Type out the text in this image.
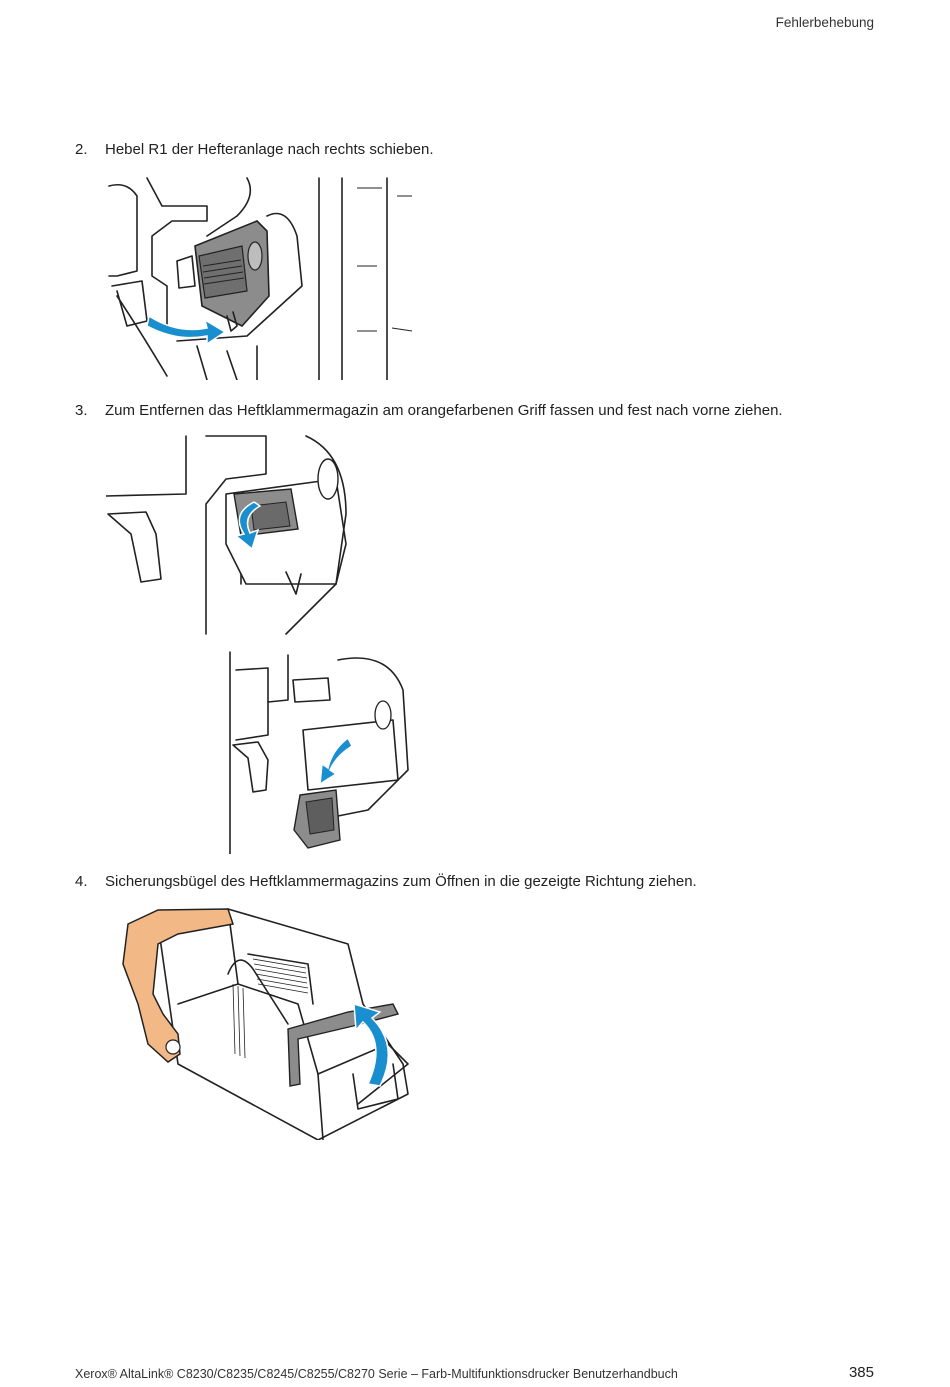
Fehlerbehebung
2.	Hebel R1 der Hefteranlage nach rechts schieben.
3.	Zum Entfernen das Heftklammermagazin am orangefarbenen Griff fassen und fest nach vorne ziehen.
4.	Sicherungsbügel des Heftklammermagazins zum Öffnen in die gezeigte Richtung ziehen.
Xerox® AltaLink® C8230/C8235/C8245/C8255/C8270 Serie – Farb-Multifunktionsdrucker Benutzerhandbuch	385
